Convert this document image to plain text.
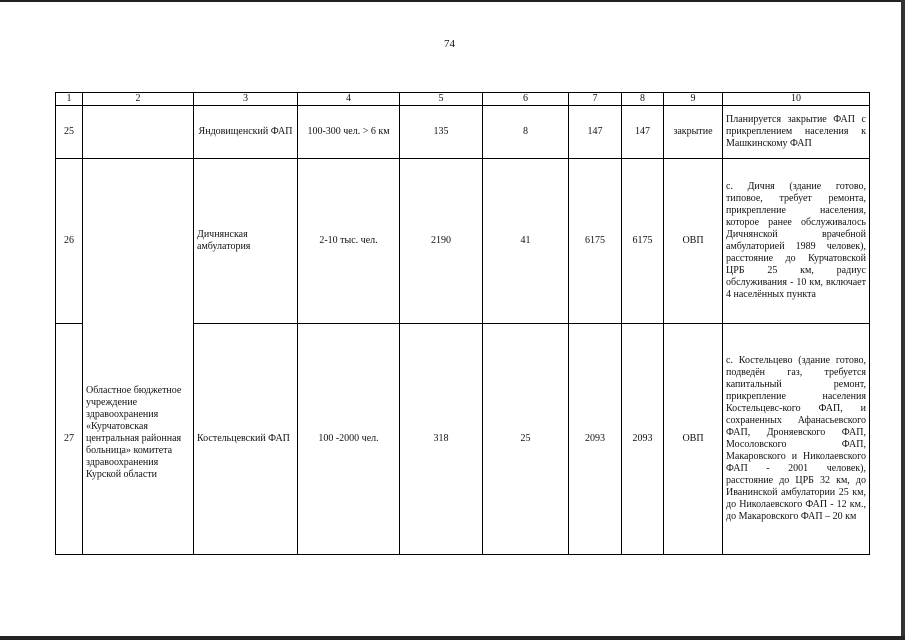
74
1	2	3	4	5	6	7	8	9	10
25		Яндовищенский ФАП	100-300 чел. > 6 км	135	8	147	147	закрытие	Планируется закрытие ФАП с прикреплением населения к Машкинскому ФАП

26	Областное бюджетное учреждение здравоохранения «Курчатовская центральная районная больница» комитета здравоохранения Курской области	Дичнянская амбулатория	2-10 тыс. чел.	2190	41	6175	6175	ОВП	с. Дичня (здание готово, типовое, требует ремонта, прикрепление населения, которое ранее обслуживалось Дичнянской врачебной амбулаторией 1989 человек), расстояние до Курчатовской ЦРБ 25 км, радиус обслуживания - 10 км, включает 4 населённых пункта

27		Костельцевский ФАП	100 -2000 чел.	318	25	2093	2093	ОВП	с. Костельцево (здание готово, подведён газ, требуется капитальный ремонт, прикрепление населения Костельцевс-кого ФАП, и сохраненных Афанасьевского ФАП, Дроняевского ФАП, Мосоловского ФАП, Макаровского и Николаевского ФАП - 2001 человек), расстояние до ЦРБ 32 км, до Иванинской амбулатории 25 км, до Николаевского ФАП - 12 км., до Макаровского ФАП – 20 км
